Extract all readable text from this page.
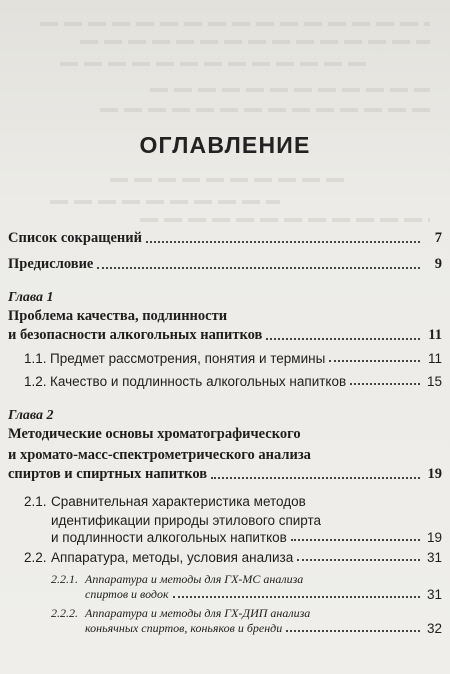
ОГЛАВЛЕНИЕ
Список сокращений	7
Предисловие	9
Глава 1
Проблема качества, подлинности
и безопасности алкогольных напитков	11
1.1. Предмет рассмотрения, понятия и термины	11
1.2. Качество и подлинность алкогольных напитков	15
Глава 2
Методические основы хроматографического
и хромато-масс-спектрометрического анализа
спиртов и спиртных напитков	19
2.1. Сравнительная характеристика методов
идентификации природы этилового спирта
и подлинности алкогольных напитков	19
2.2. Аппаратура, методы, условия анализа	31
2.2.1. Аппаратура и методы для ГХ-МС анализа
спиртов и водок	31
2.2.2. Аппаратура и методы для ГХ-ДИП анализа
коньячных спиртов, коньяков и бренди	32
